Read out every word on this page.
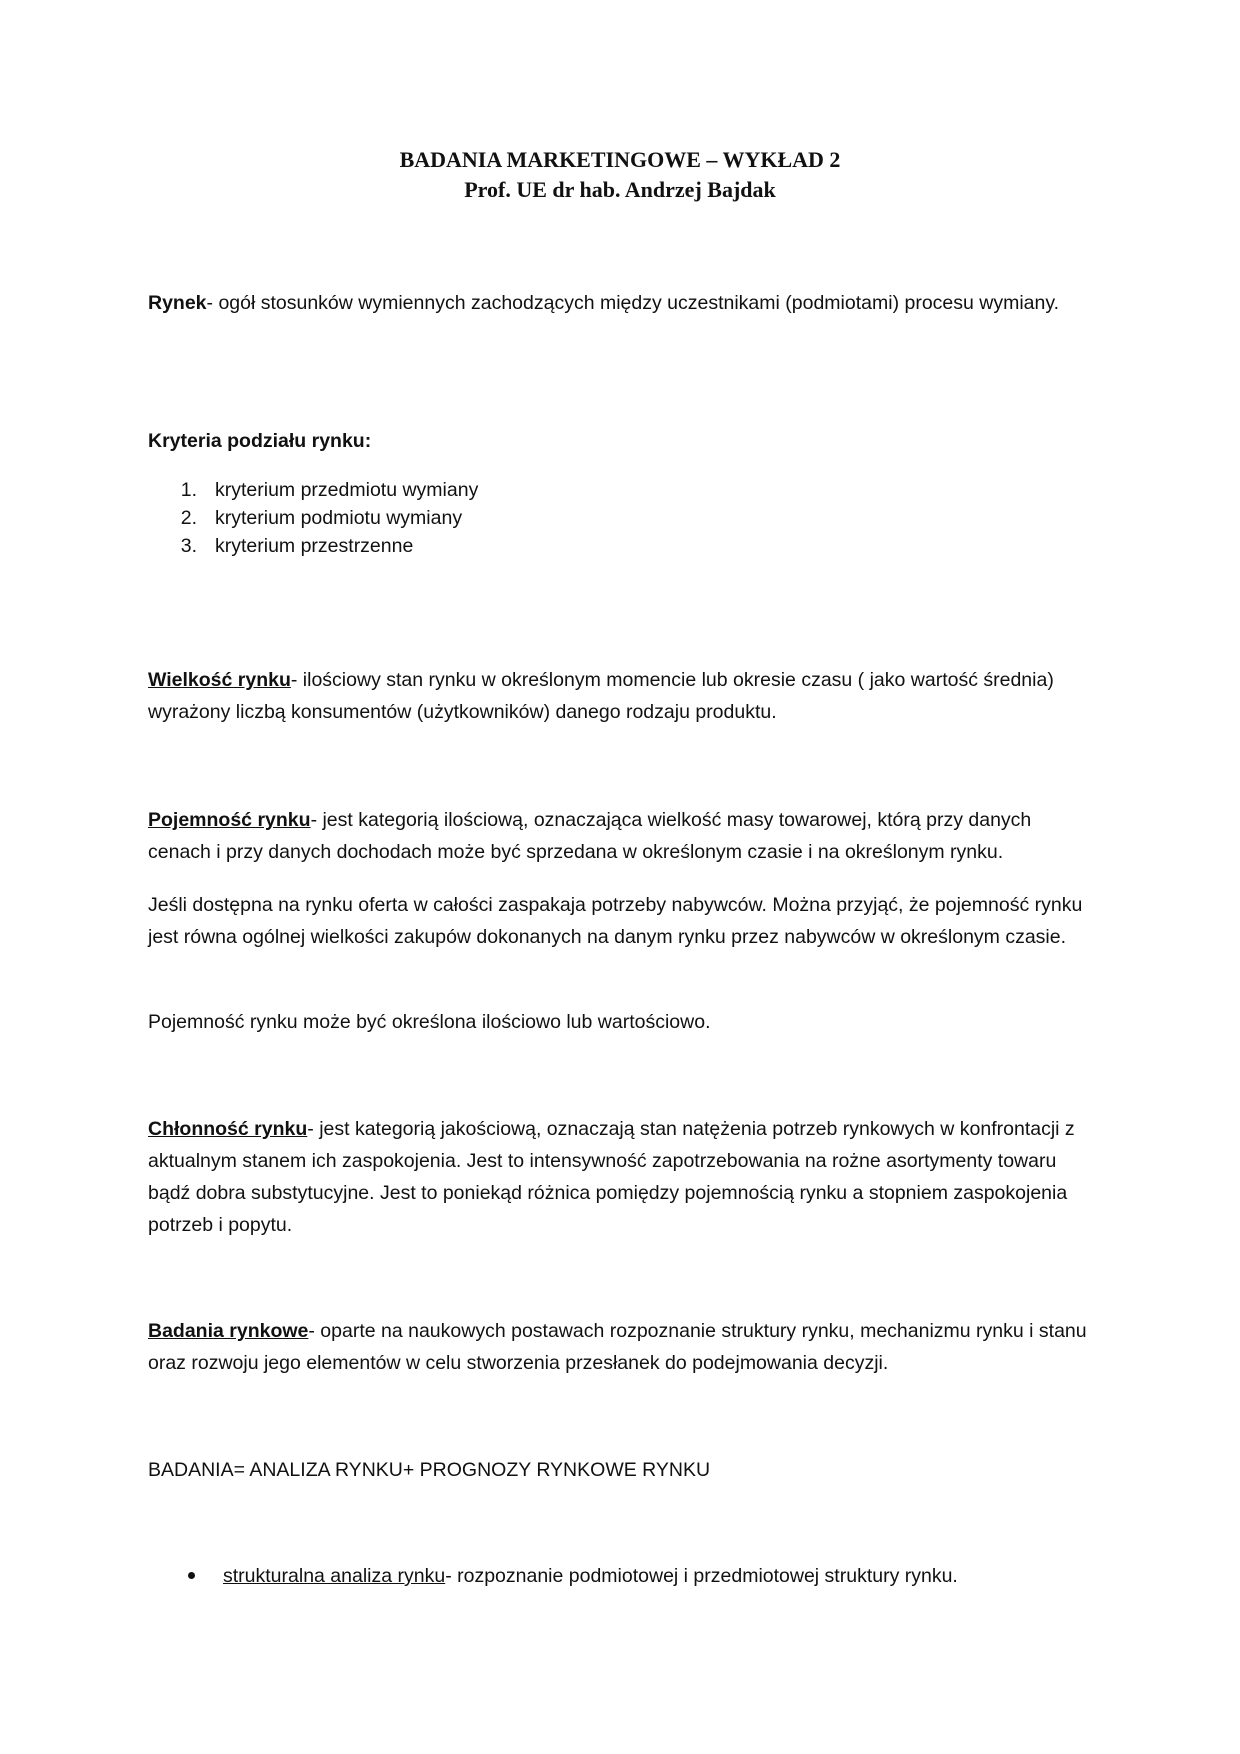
BADANIA MARKETINGOWE – WYKŁAD 2
Prof. UE dr hab. Andrzej Bajdak

Rynek- ogół stosunków wymiennych zachodzących między uczestnikami (podmiotami) procesu wymiany.

Kryteria podziału rynku:

1. kryterium przedmiotu wymiany
2. kryterium podmiotu wymiany
3. kryterium przestrzenne

Wielkość rynku- ilościowy stan rynku w określonym momencie lub okresie czasu ( jako wartość średnia) wyrażony liczbą konsumentów (użytkowników) danego rodzaju produktu.

Pojemność rynku- jest kategorią ilościową, oznaczająca wielkość masy towarowej, którą przy danych cenach i przy danych dochodach może być sprzedana w określonym czasie i na określonym rynku.

Jeśli dostępna na rynku oferta w całości zaspakaja potrzeby nabywców. Można przyjąć, że pojemność rynku jest równa ogólnej wielkości zakupów dokonanych na danym rynku przez nabywców w określonym czasie.

Pojemność rynku może być określona ilościowo lub wartościowo.

Chłonność rynku- jest kategorią jakościową, oznaczają stan natężenia potrzeb rynkowych w konfrontacji z aktualnym stanem ich zaspokojenia. Jest to intensywność zapotrzebowania na rożne asortymenty towaru bądź dobra substytucyjne. Jest to poniekąd różnica pomiędzy pojemnością rynku a stopniem zaspokojenia potrzeb i popytu.

Badania rynkowe- oparte na naukowych postawach rozpoznanie struktury rynku, mechanizmu rynku i stanu oraz rozwoju jego elementów w celu stworzenia przesłanek do podejmowania decyzji.

BADANIA= ANALIZA RYNKU+ PROGNOZY RYNKOWE RYNKU

strukturalna analiza rynku- rozpoznanie podmiotowej i przedmiotowej struktury rynku.
